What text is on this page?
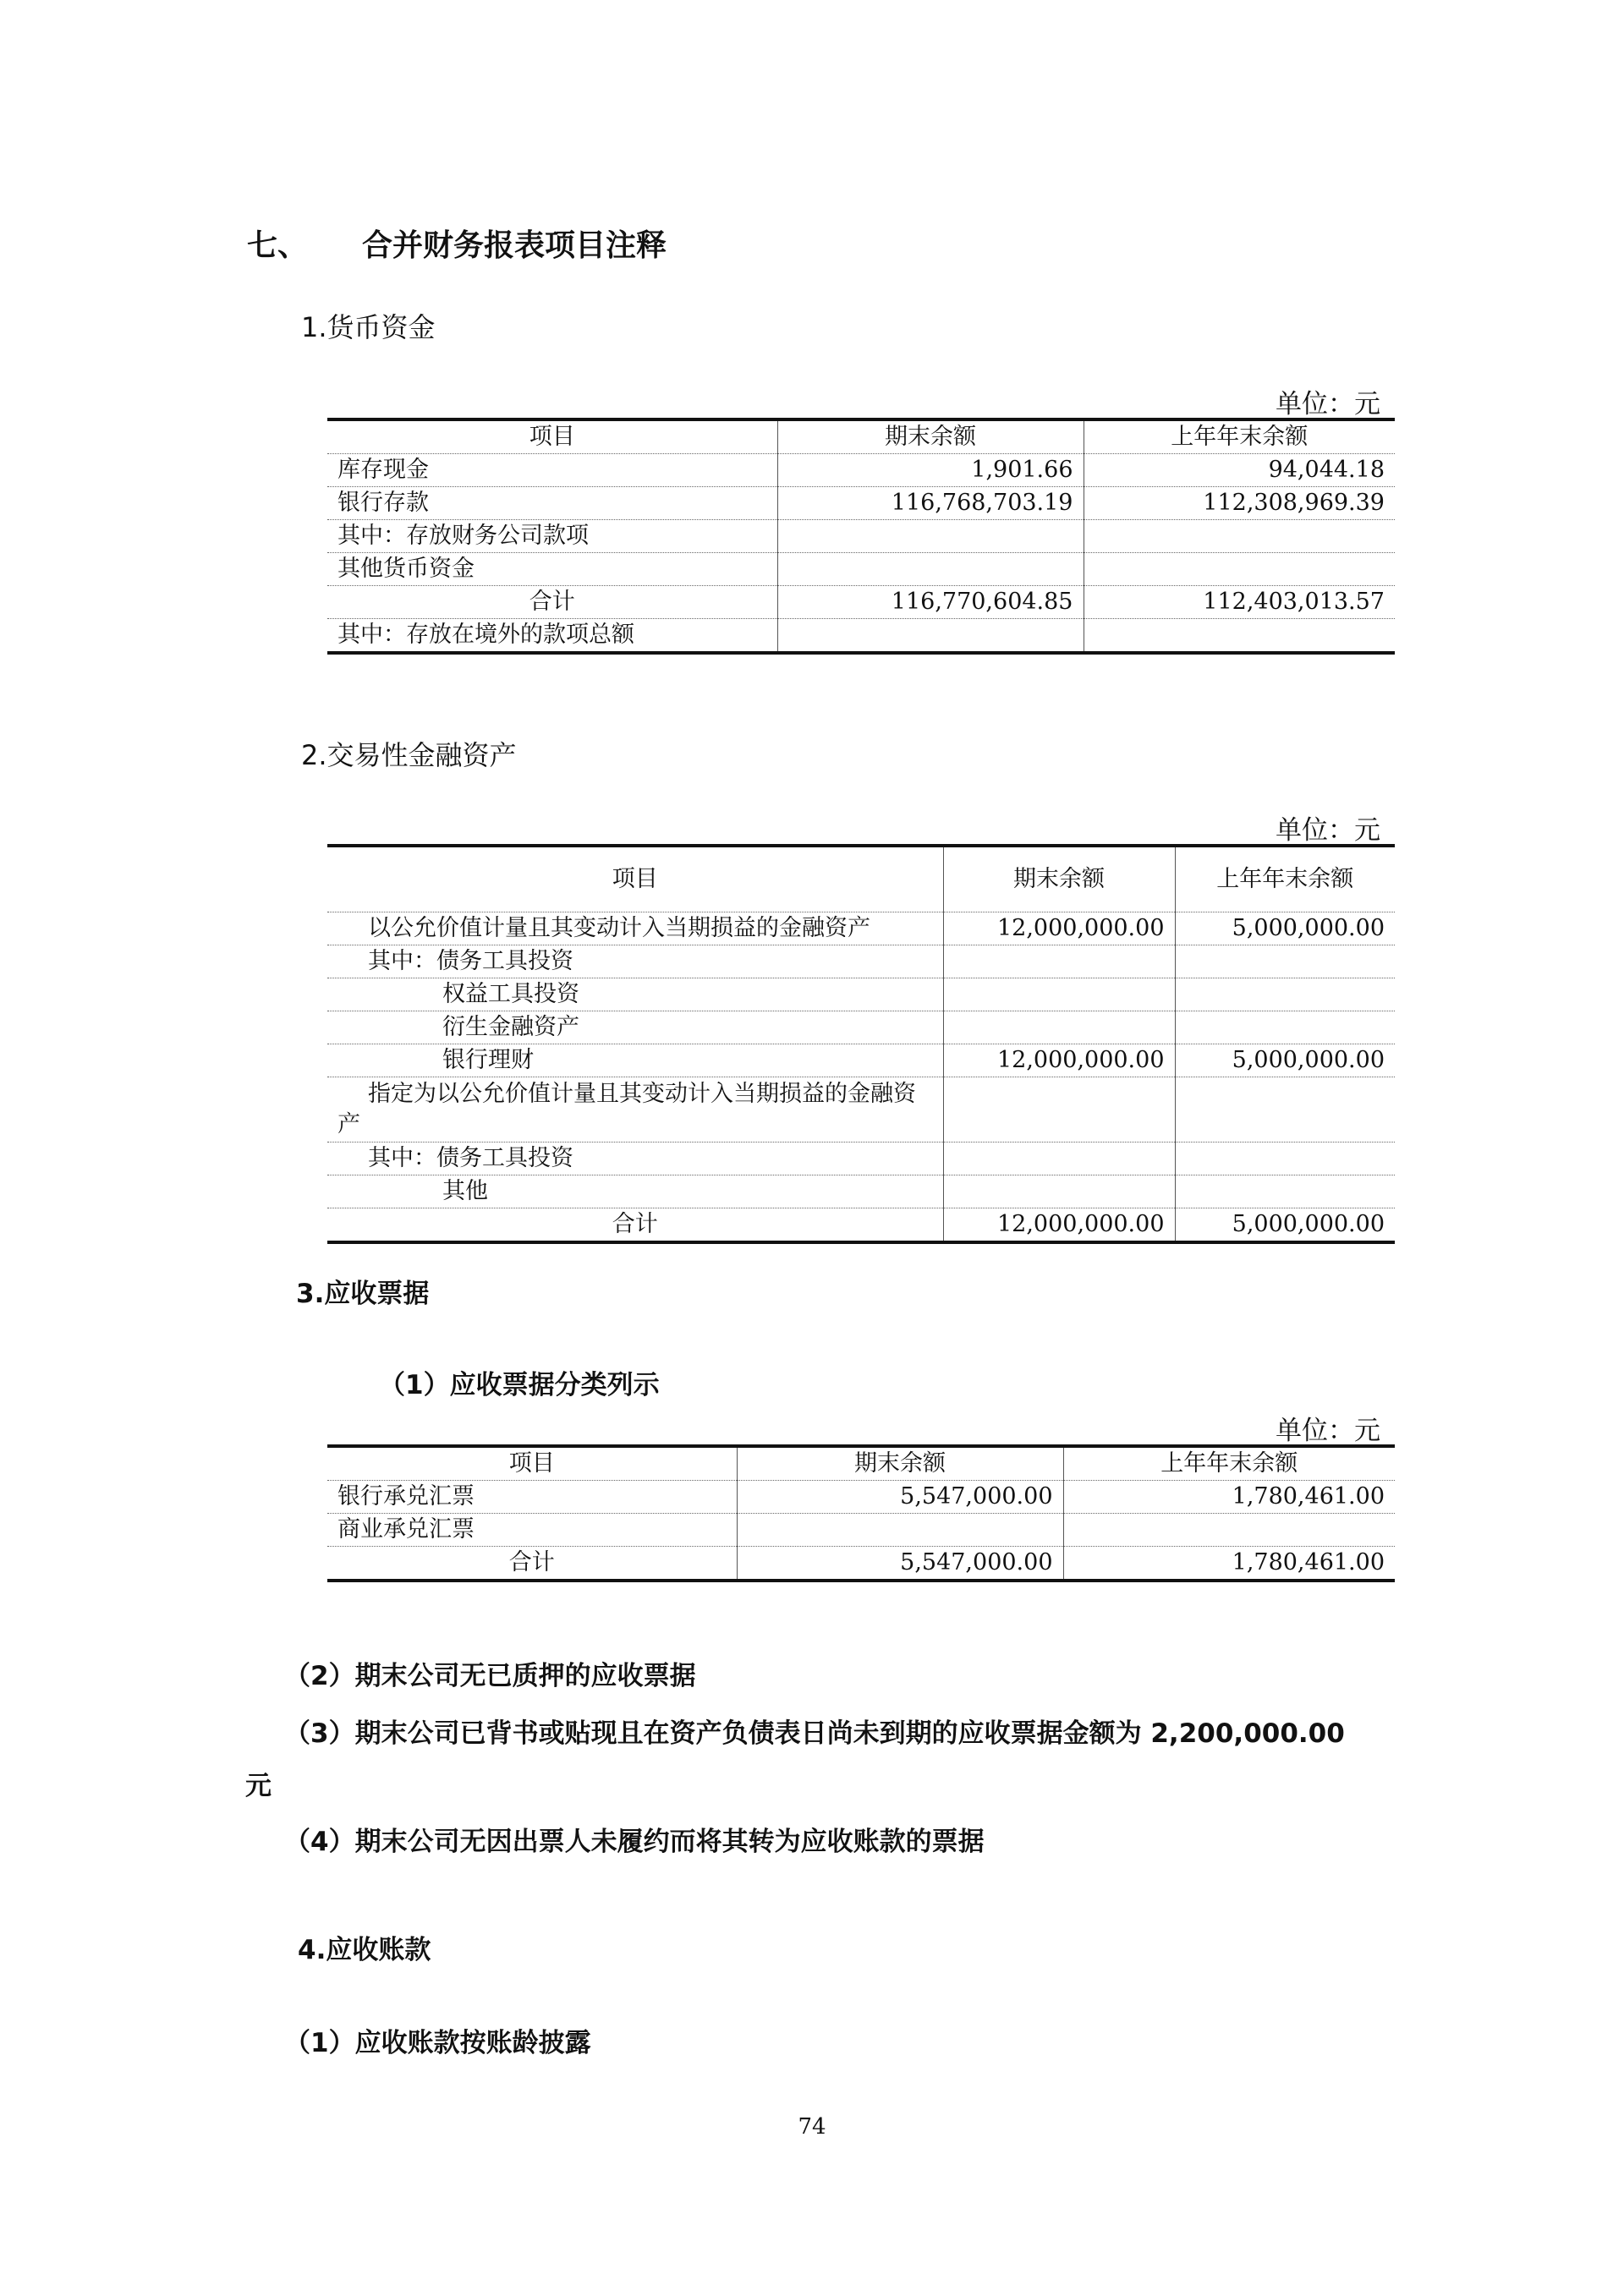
七、 合并财务报表项目注释
1.货币资金
单位：元
项目	期末余额	上年年末余额
库存现金	1,901.66	94,044.18
银行存款	116,768,703.19	112,308,969.39
其中：存放财务公司款项		
其他货币资金		
合计	116,770,604.85	112,403,013.57
其中：存放在境外的款项总额		
2.交易性金融资产
单位：元
项目	期末余额	上年年末余额
以公允价值计量且其变动计入当期损益的金融资产	12,000,000.00	5,000,000.00
其中：债务工具投资		
权益工具投资		
衍生金融资产		
银行理财	12,000,000.00	5,000,000.00
指定为以公允价值计量且其变动计入当期损益的金融资产		
其中：债务工具投资		
其他		
合计	12,000,000.00	5,000,000.00
3.应收票据
（1）应收票据分类列示
单位：元
项目	期末余额	上年年末余额
银行承兑汇票	5,547,000.00	1,780,461.00
商业承兑汇票		
合计	5,547,000.00	1,780,461.00
（2）期末公司无已质押的应收票据
（3）期末公司已背书或贴现且在资产负债表日尚未到期的应收票据金额为 2,200,000.00
元
（4）期末公司无因出票人未履约而将其转为应收账款的票据
4.应收账款
（1）应收账款按账龄披露
74
